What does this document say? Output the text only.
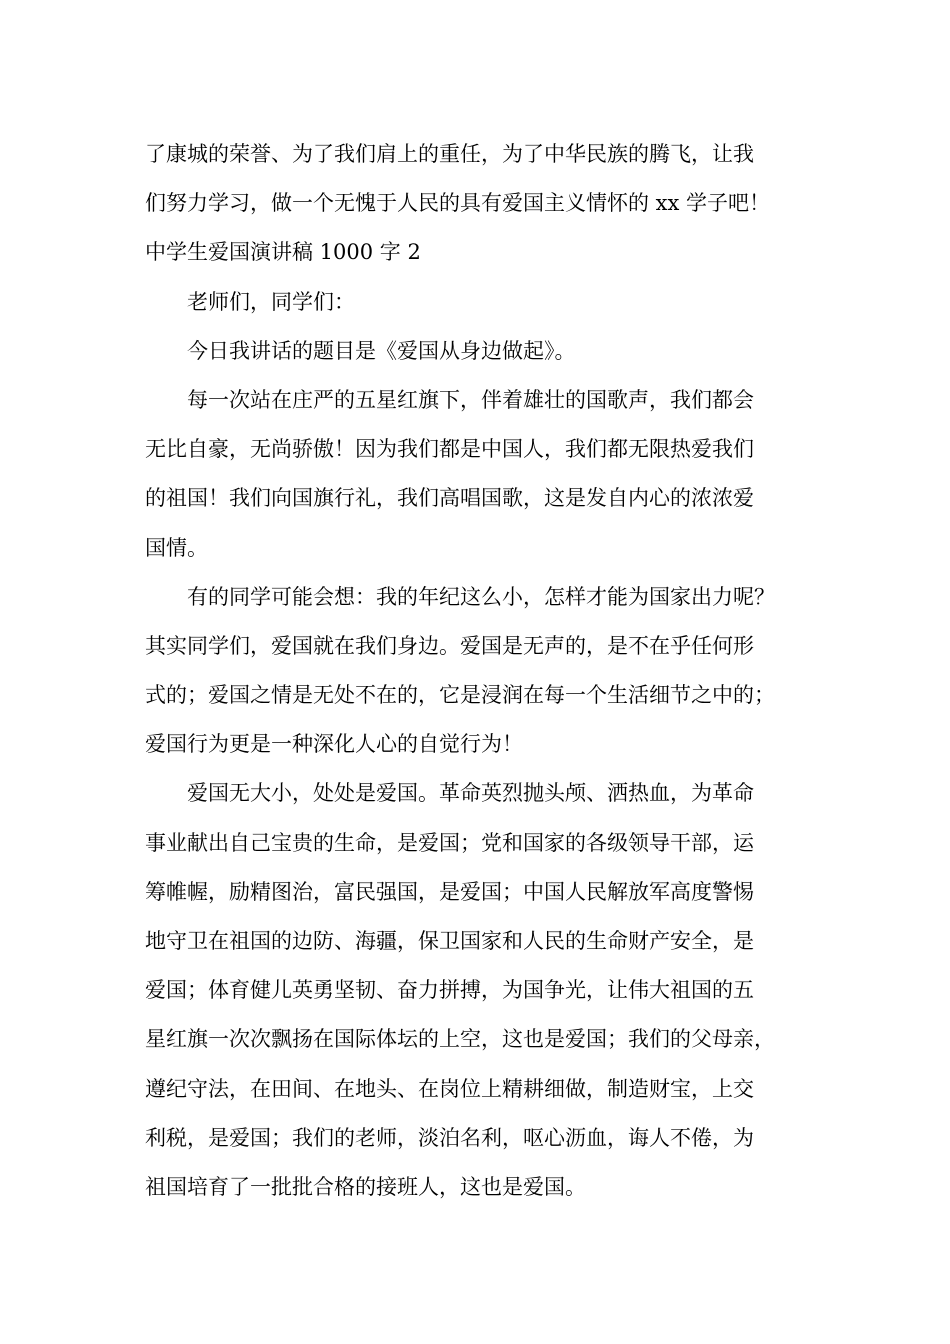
了康城的荣誉、为了我们肩上的重任，为了中华民族的腾飞，让我
们努力学习，做一个无愧于人民的具有爱国主义情怀的 xx 学子吧！
中学生爱国演讲稿 1000 字 2
老师们，同学们：
今日我讲话的题目是《爱国从身边做起》。
每一次站在庄严的五星红旗下，伴着雄壮的国歌声，我们都会
无比自豪，无尚骄傲！因为我们都是中国人，我们都无限热爱我们
的祖国！我们向国旗行礼，我们高唱国歌，这是发自内心的浓浓爱
国情。
有的同学可能会想：我的年纪这么小，怎样才能为国家出力呢？
其实同学们，爱国就在我们身边。爱国是无声的，是不在乎任何形
式的；爱国之情是无处不在的，它是浸润在每一个生活细节之中的；
爱国行为更是一种深化人心的自觉行为！
爱国无大小，处处是爱国。革命英烈抛头颅、洒热血，为革命
事业献出自己宝贵的生命，是爱国；党和国家的各级领导干部，运
筹帷幄，励精图治，富民强国，是爱国；中国人民解放军高度警惕
地守卫在祖国的边防、海疆，保卫国家和人民的生命财产安全，是
爱国；体育健儿英勇坚韧、奋力拼搏，为国争光，让伟大祖国的五
星红旗一次次飘扬在国际体坛的上空，这也是爱国；我们的父母亲，
遵纪守法，在田间、在地头、在岗位上精耕细做，制造财宝，上交
利税，是爱国；我们的老师，淡泊名利，呕心沥血，诲人不倦，为
祖国培育了一批批合格的接班人，这也是爱国。
